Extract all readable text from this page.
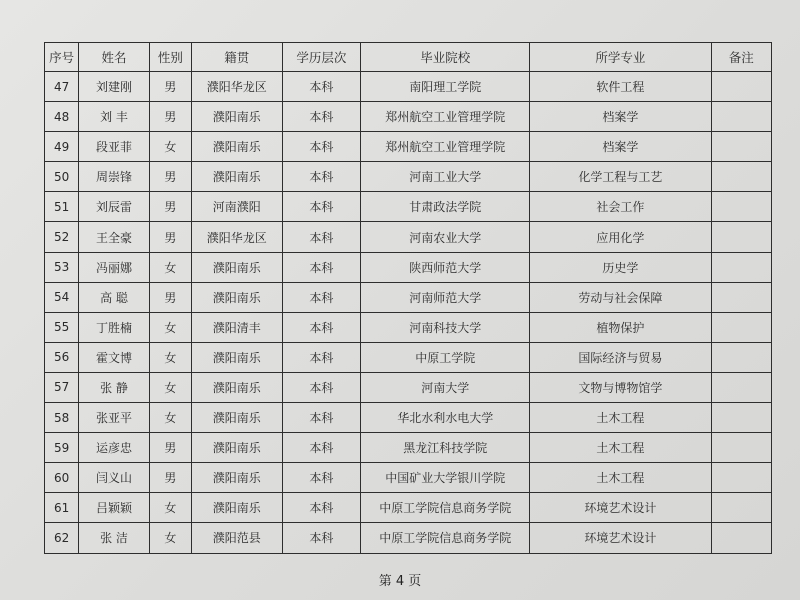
序号	姓名	性别	籍贯	学历层次	毕业院校	所学专业	备注
47	刘建刚	男	濮阳华龙区	本科	南阳理工学院	软件工程	
48	刘 丰	男	濮阳南乐	本科	郑州航空工业管理学院	档案学	
49	段亚菲	女	濮阳南乐	本科	郑州航空工业管理学院	档案学	
50	周崇锋	男	濮阳南乐	本科	河南工业大学	化学工程与工艺	
51	刘辰雷	男	河南濮阳	本科	甘肃政法学院	社会工作	
52	王全豪	男	濮阳华龙区	本科	河南农业大学	应用化学	
53	冯丽娜	女	濮阳南乐	本科	陕西师范大学	历史学	
54	高 聪	男	濮阳南乐	本科	河南师范大学	劳动与社会保障	
55	丁胜楠	女	濮阳清丰	本科	河南科技大学	植物保护	
56	霍文博	女	濮阳南乐	本科	中原工学院	国际经济与贸易	
57	张 静	女	濮阳南乐	本科	河南大学	文物与博物馆学	
58	张亚平	女	濮阳南乐	本科	华北水利水电大学	土木工程	
59	运彦忠	男	濮阳南乐	本科	黑龙江科技学院	土木工程	
60	闫义山	男	濮阳南乐	本科	中国矿业大学银川学院	土木工程	
61	吕颖颖	女	濮阳南乐	本科	中原工学院信息商务学院	环境艺术设计	
62	张 洁	女	濮阳范县	本科	中原工学院信息商务学院	环境艺术设计	
第 4 页
